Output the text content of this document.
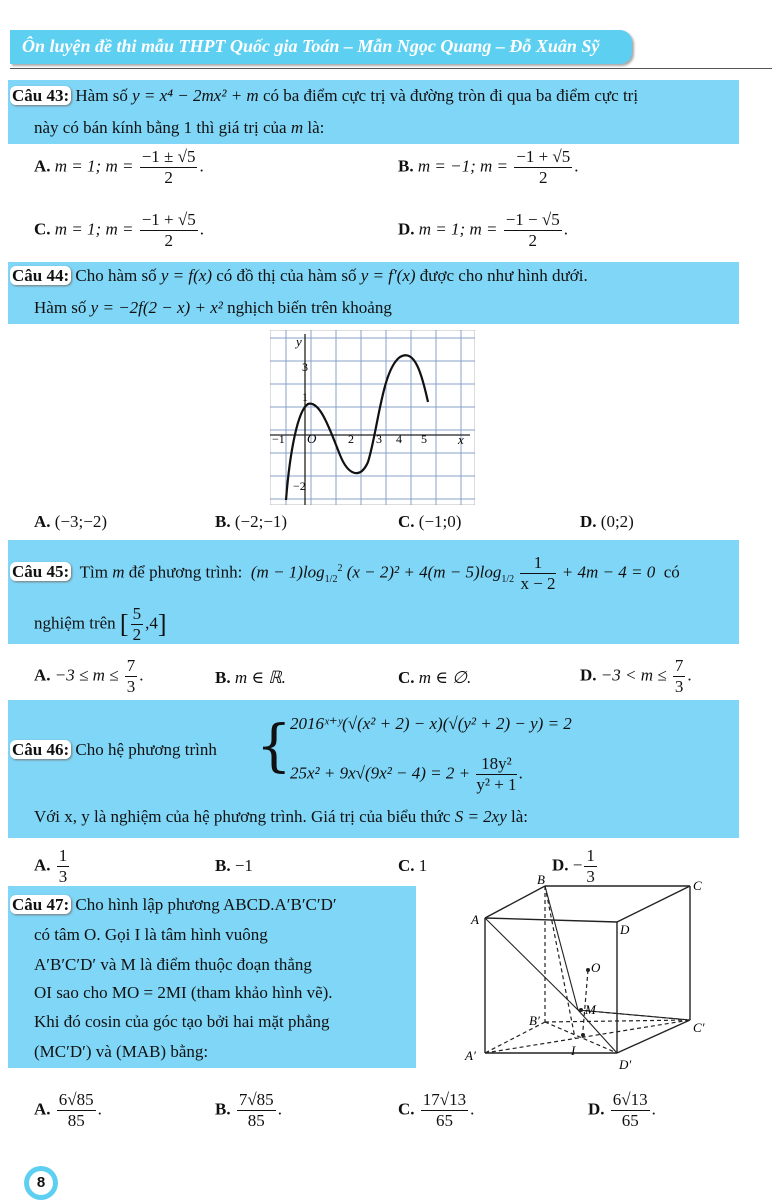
Ôn luyện đề thi mẫu THPT Quốc gia Toán – Mẫn Ngọc Quang – Đỗ Xuân Sỹ
Câu 43: Hàm số y = x⁴ − 2mx² + m có ba điểm cực trị và đường tròn đi qua ba điểm cực trị
này có bán kính bằng 1 thì giá trị của m là:
A. m = 1; $m = \frac{-1 \pm √5}{2}$ .	B. m = −1; $m = \frac{-1 + √5}{2}$ .
C. m = 1; $m = \frac{-1 + √5}{2}$ .	D. m = 1; $m = \frac{-1 - √5}{2}$ .
Câu 44: Cho hàm số y = f(x) có đồ thị của hàm số y = f′(x) được cho như hình dưới.
Hàm số y = −2f(2 − x) + x² nghịch biến trên khoảng
y
x
O
−1	2 3 4 5
3
1
−2
A. (−3;−2)	B. (−2;−1)	C. (−1;0)	D. (0;2)
Câu 45: Tìm m để phương trình: $(m - 1)\log_{1/2}^2$ $(x - 2)^2 + 4(m - 5)\log_{1/2} \frac{1}{x - 2} + 4m - 4 = 0$ có
nghiệm trên [ $\frac{5}{2} ,4$]
A. $-3 \le m \le \frac{7}{3}$ .	B. m ∈ ℝ.	C. m ∈ ∅.	D. $-3 < m \le \frac{7}{3}$ .
Câu 46: Cho hệ phương trình {
2016ˣ⁺ʸ(√(x² + 2) − x)(√(y² + 2) − y) = 2
$25x^2 + 9x√(9x^2 - 4) = 2 + \frac{\text{18y²}}{\text{y² + 1}}$ .
Với x, y là nghiệm của hệ phương trình. Giá trị của biểu thức S = 2xy là:
A. $\frac{1}{3}$	B. −1	C. 1	D. − $\frac{1}{3}$
Câu 47: Cho hình lập phương ABCD.A′B′C′D′
có tâm O. Gọi I là tâm hình vuông
A′B′C′D′ và M là điểm thuộc đoạn thẳng
OI sao cho MO = 2MI (tham khảo hình vẽ).
Khi đó cosin của góc tạo bởi hai mặt phẳng
(MC′D′) và (MAB) bằng:
B	C
A
D
O
M
B′	C′
I
A′
D′
A. $\frac{6√85}{85}$ .	B. $\frac{7√85}{85}$ .	C. $\frac{17√13}{65}$ .	D. $\frac{6√13}{65}$ .
8
